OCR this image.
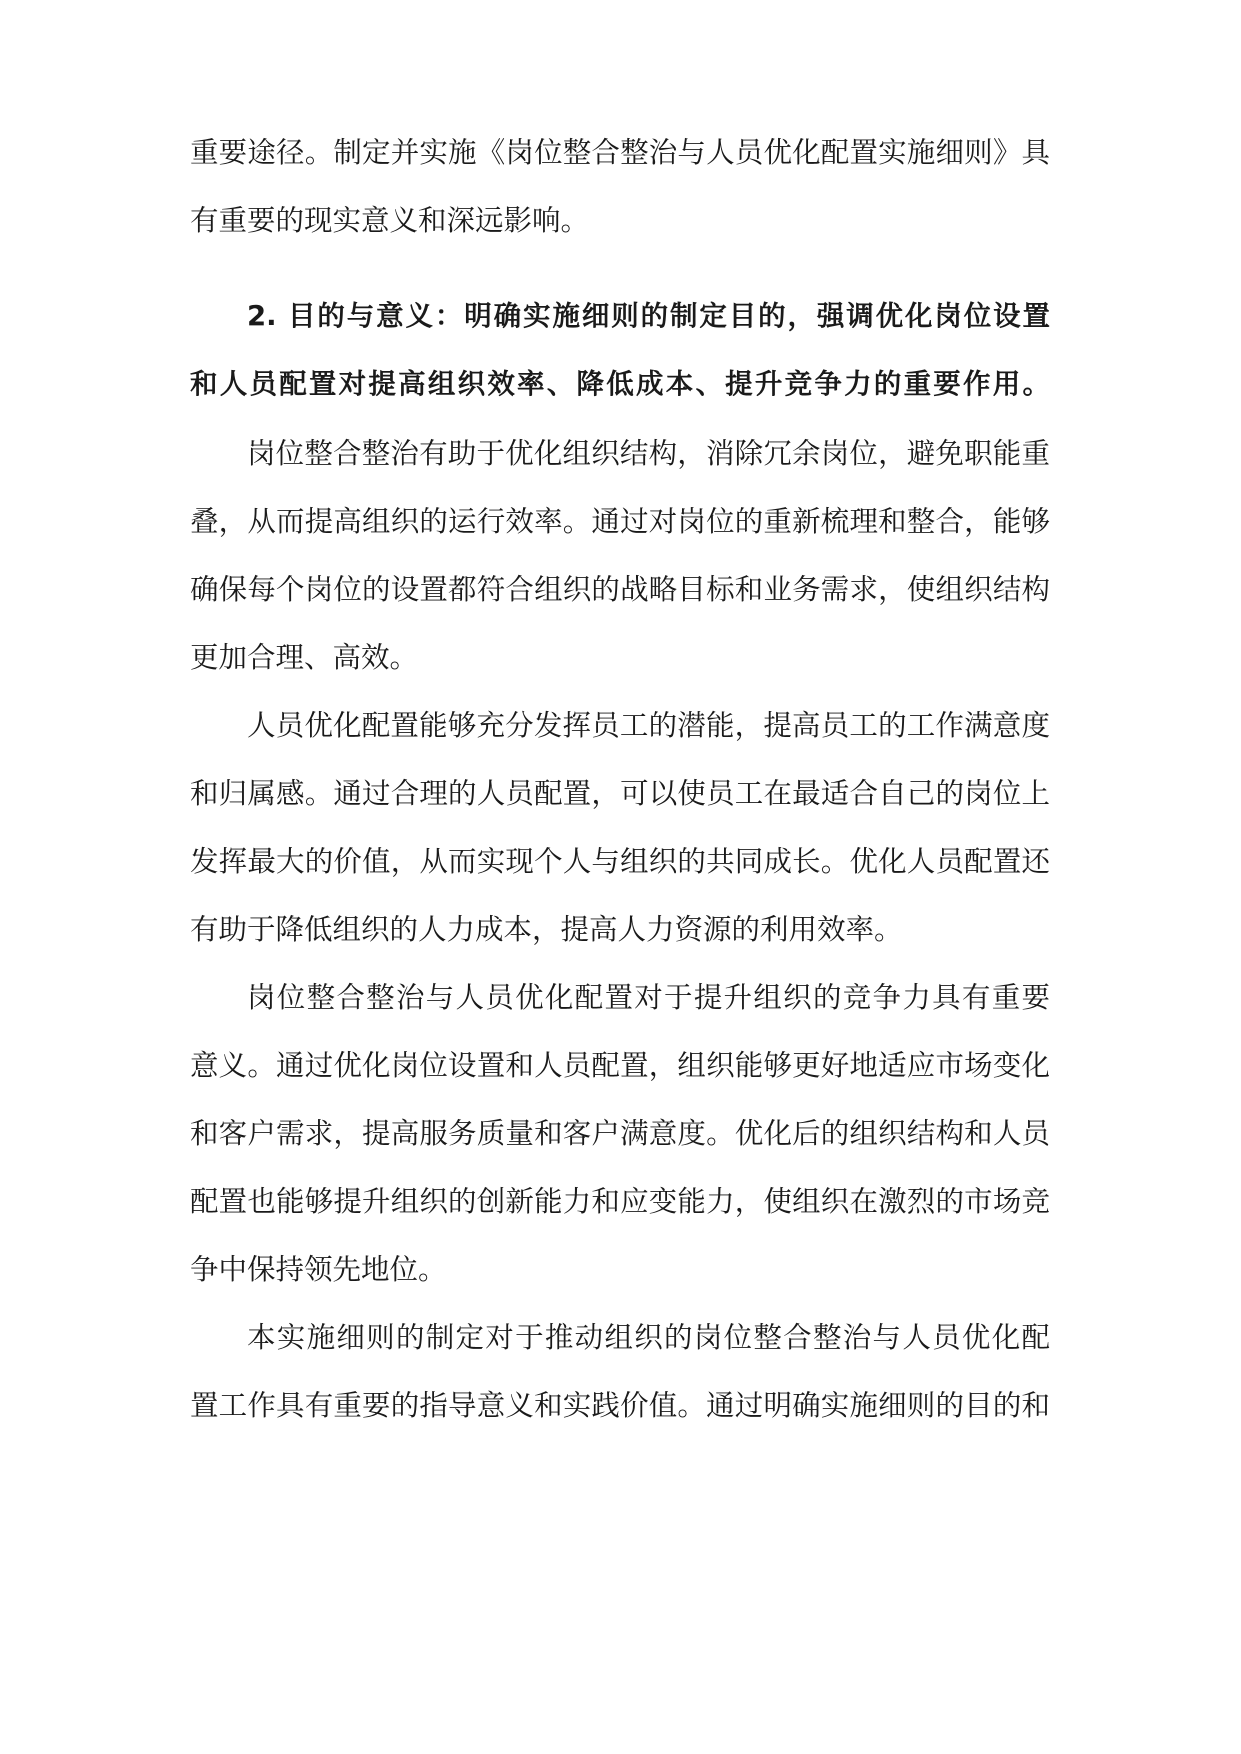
重要途径。制定并实施《岗位整合整治与人员优化配置实施细则》具
有重要的现实意义和深远影响。
2. 目的与意义：明确实施细则的制定目的，强调优化岗位设置
和人员配置对提高组织效率、降低成本、提升竞争力的重要作用。
岗位整合整治有助于优化组织结构，消除冗余岗位，避免职能重
叠，从而提高组织的运行效率。通过对岗位的重新梳理和整合，能够
确保每个岗位的设置都符合组织的战略目标和业务需求，使组织结构
更加合理、高效。
人员优化配置能够充分发挥员工的潜能，提高员工的工作满意度
和归属感。通过合理的人员配置，可以使员工在最适合自己的岗位上
发挥最大的价值，从而实现个人与组织的共同成长。优化人员配置还
有助于降低组织的人力成本，提高人力资源的利用效率。
岗位整合整治与人员优化配置对于提升组织的竞争力具有重要
意义。通过优化岗位设置和人员配置，组织能够更好地适应市场变化
和客户需求，提高服务质量和客户满意度。优化后的组织结构和人员
配置也能够提升组织的创新能力和应变能力，使组织在激烈的市场竞
争中保持领先地位。
本实施细则的制定对于推动组织的岗位整合整治与人员优化配
置工作具有重要的指导意义和实践价值。通过明确实施细则的目的和
